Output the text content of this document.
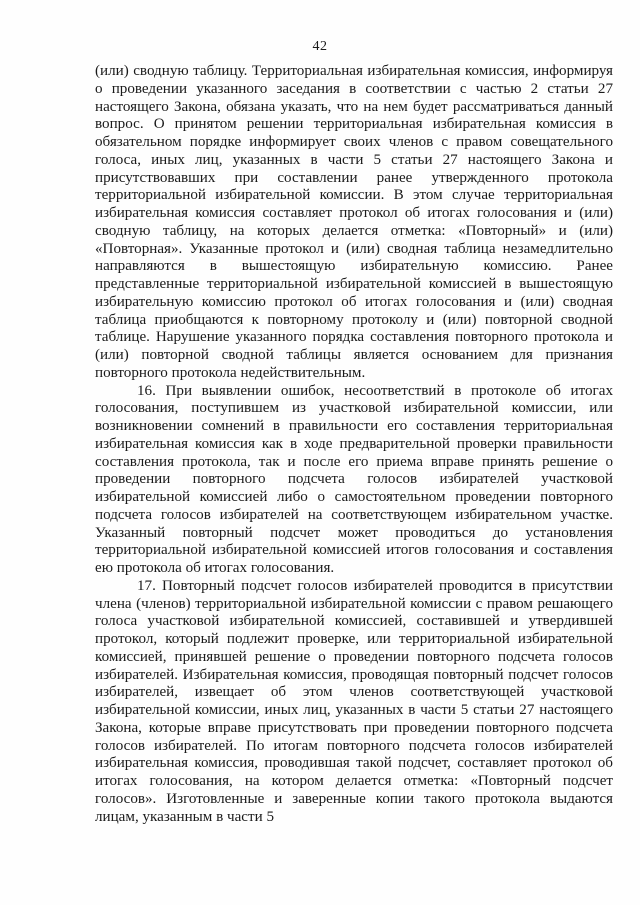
42

(или) сводную таблицу. Территориальная избирательная комиссия, информируя о проведении указанного заседания в соответствии с частью 2 статьи 27 настоящего Закона, обязана указать, что на нем будет рассматриваться данный вопрос. О принятом решении территориальная избирательная комиссия в обязательном порядке информирует своих членов с правом совещательного голоса, иных лиц, указанных в части 5 статьи 27 настоящего Закона и присутствовавших при составлении ранее утвержденного протокола территориальной избирательной комиссии. В этом случае территориальная избирательная комиссия составляет протокол об итогах голосования и (или) сводную таблицу, на которых делается отметка: «Повторный» и (или) «Повторная». Указанные протокол и (или) сводная таблица незамедлительно направляются в вышестоящую избирательную комиссию. Ранее представленные территориальной избирательной комиссией в вышестоящую избирательную комиссию протокол об итогах голосования и (или) сводная таблица приобщаются к повторному протоколу и (или) повторной сводной таблице. Нарушение указанного порядка составления повторного протокола и (или) повторной сводной таблицы является основанием для признания повторного протокола недействительным.

16. При выявлении ошибок, несоответствий в протоколе об итогах голосования, поступившем из участковой избирательной комиссии, или возникновении сомнений в правильности его составления территориальная избирательная комиссия как в ходе предварительной проверки правильности составления протокола, так и после его приема вправе принять решение о проведении повторного подсчета голосов избирателей участковой избирательной комиссией либо о самостоятельном проведении повторного подсчета голосов избирателей на соответствующем избирательном участке. Указанный повторный подсчет может проводиться до установления территориальной избирательной комиссией итогов голосования и составления ею протокола об итогах голосования.

17. Повторный подсчет голосов избирателей проводится в присутствии члена (членов) территориальной избирательной комиссии с правом решающего голоса участковой избирательной комиссией, составившей и утвердившей протокол, который подлежит проверке, или территориальной избирательной комиссией, принявшей решение о проведении повторного подсчета голосов избирателей. Избирательная комиссия, проводящая повторный подсчет голосов избирателей, извещает об этом членов соответствующей участковой избирательной комиссии, иных лиц, указанных в части 5 статьи 27 настоящего Закона, которые вправе присутствовать при проведении повторного подсчета голосов избирателей. По итогам повторного подсчета голосов избирателей избирательная комиссия, проводившая такой подсчет, составляет протокол об итогах голосования, на котором делается отметка: «Повторный подсчет голосов». Изготовленные и заверенные копии такого протокола выдаются лицам, указанным в части 5
